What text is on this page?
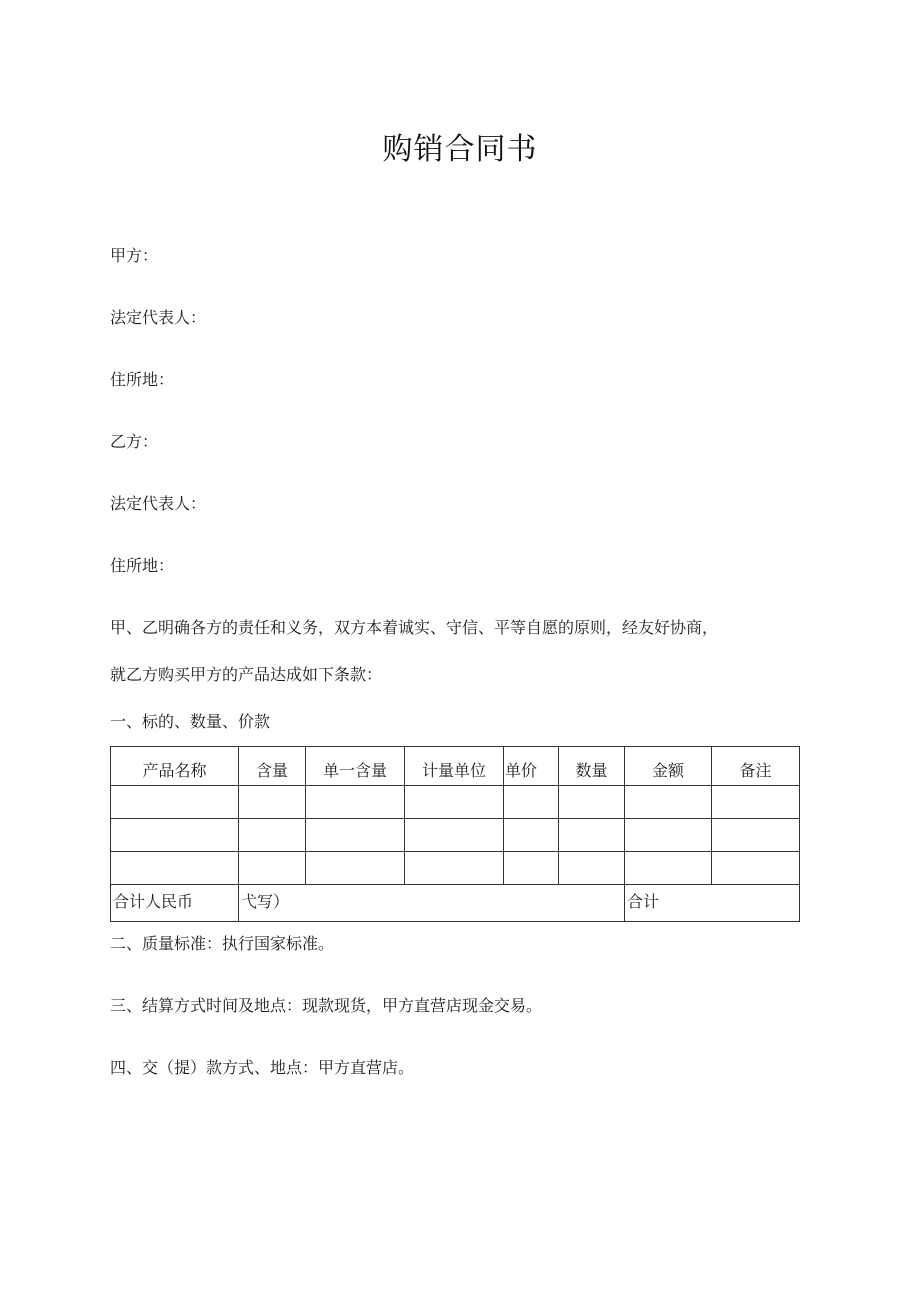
购销合同书
甲方：
法定代表人：
住所地：
乙方：
法定代表人：
住所地：
甲、乙明确各方的责任和义务，双方本着诚实、守信、平等自愿的原则，经友好协商，
就乙方购买甲方的产品达成如下条款：
一、标的、数量、价款
产品名称	含量	单一含量	计量单位	单价	数量	金额	备注

合计人民币	弋写）					合计	
二、质量标准：执行国家标准。
三、结算方式时间及地点：现款现货，甲方直营店现金交易。
四、交（提）款方式、地点：甲方直营店。
